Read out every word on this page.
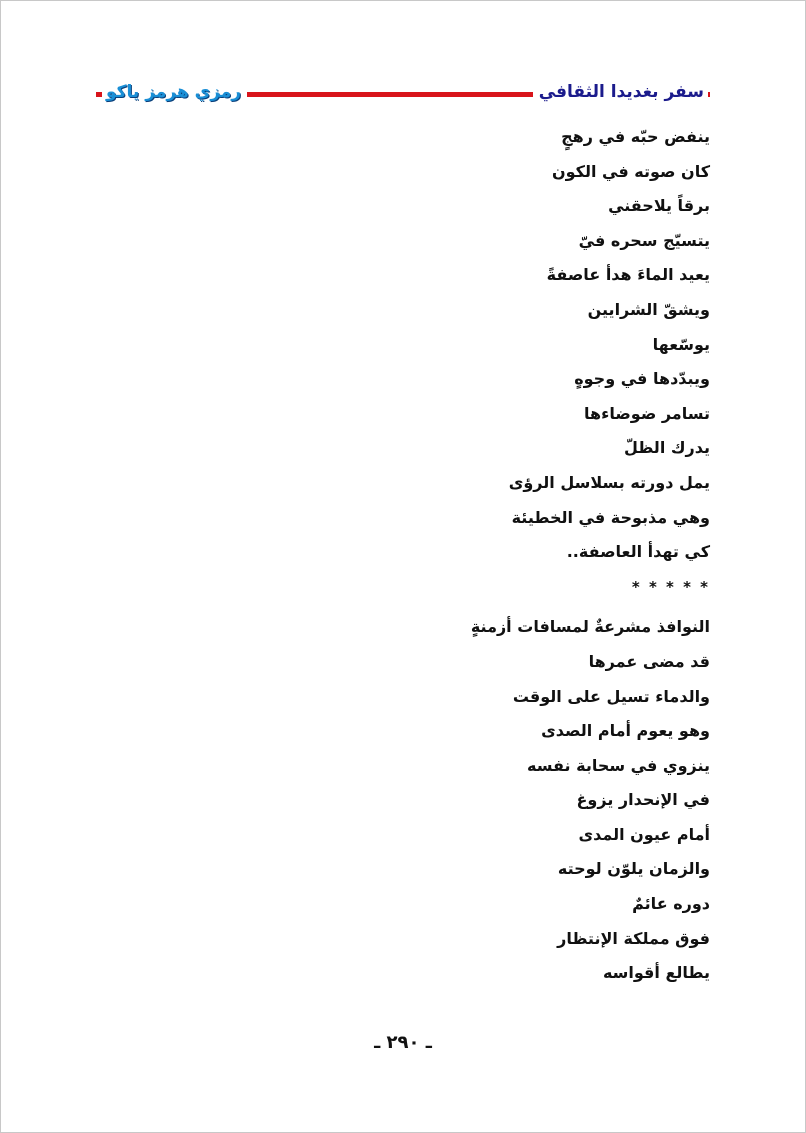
سفر بغديدا الثقافي
رمزي هرمز ياكو
ينفض حبّه في رهجٍ
كان صوته في الكون
برقاً يلاحقني
يتسيّج سحره فيّ
يعيد الماءَ هدأ عاصفةً
ويشقّ الشرايين
يوسّعها
ويبدّدها في وجوهٍ
تسامر ضوضاءها
يدرك الظلّ
يمل دورته بسلاسل الرؤى
وهي مذبوحة في الخطيئة
كي تهدأ العاصفة..
* * * * *
النوافذ مشرعةٌ لمسافات أزمنةٍ
قد مضى عمرها
والدماء تسيل على الوقت
وهو يعوم أمام الصدى
ينزوي في سحابة نفسه
في الإنحدار يزوغ
أمام عيون المدى
والزمان يلوّن لوحته
دوره عائمٌ
فوق مملكة الإنتظار
يطالع أقواسه
ـ ٢٩٠ ـ
